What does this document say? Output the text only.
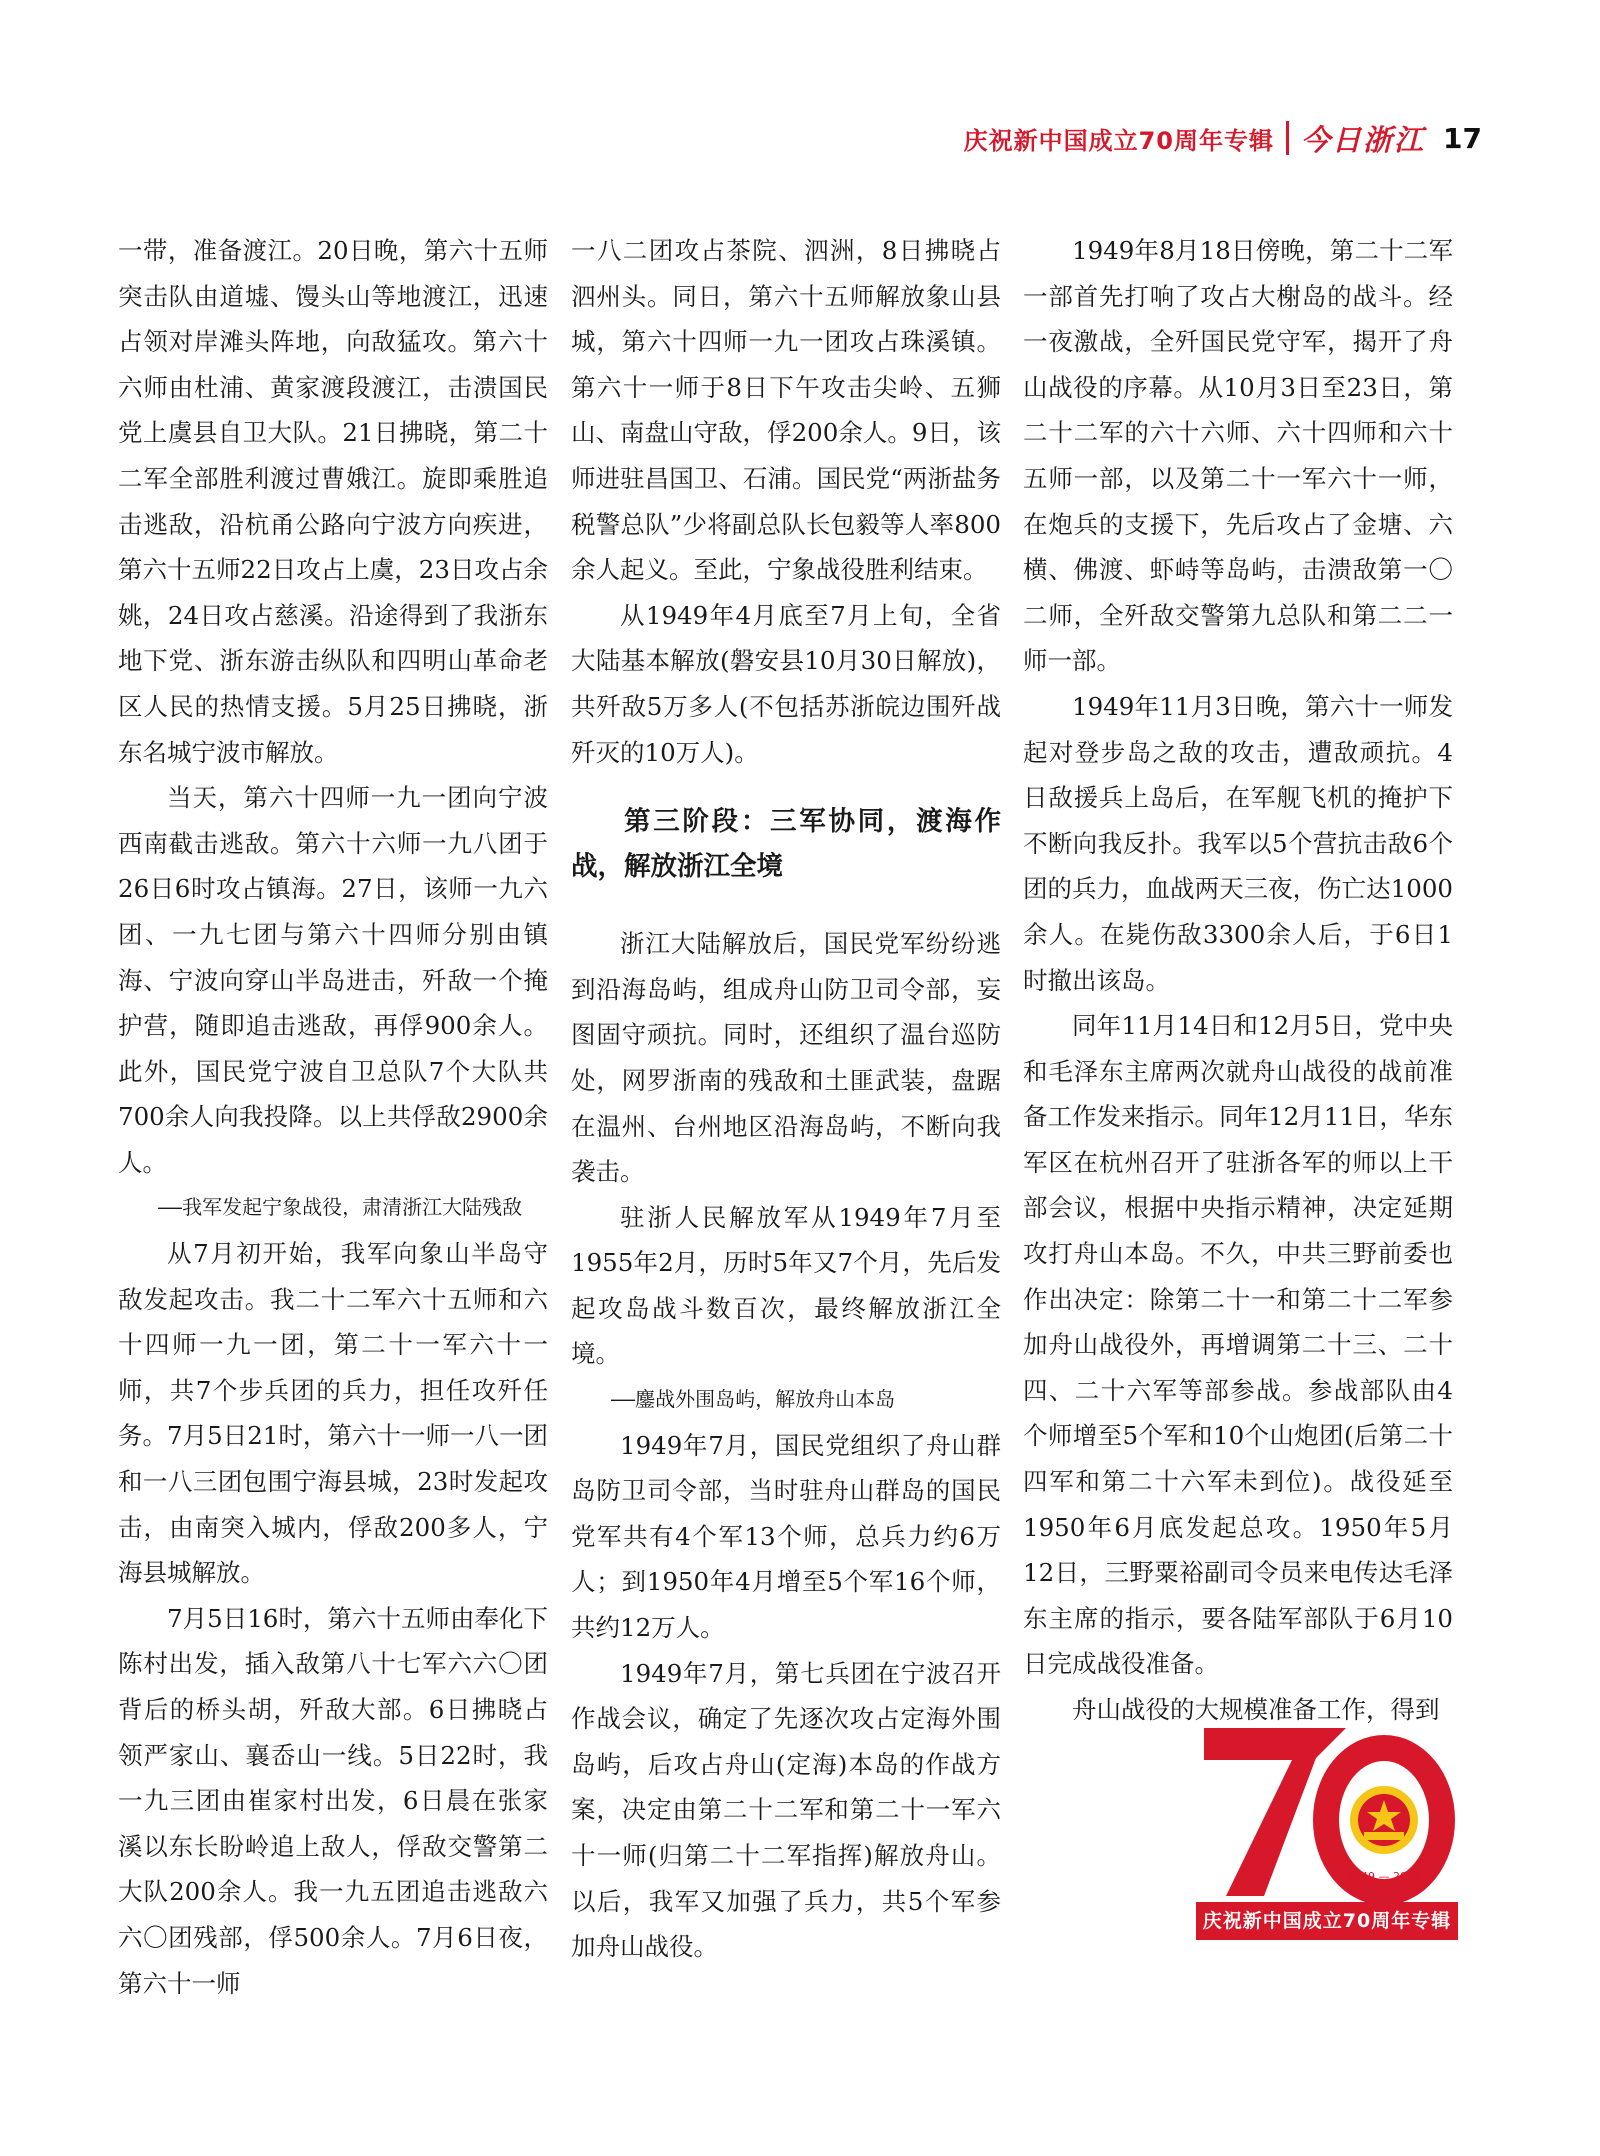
庆祝新中国成立70周年专辑 今日浙江 17

一带，准备渡江。20日晚，第六十五师突击队由道墟、馒头山等地渡江，迅速占领对岸滩头阵地，向敌猛攻。第六十六师由杜浦、黄家渡段渡江，击溃国民党上虞县自卫大队。21日拂晓，第二十二军全部胜利渡过曹娥江。旋即乘胜追击逃敌，沿杭甬公路向宁波方向疾进，第六十五师22日攻占上虞，23日攻占余姚，24日攻占慈溪。沿途得到了我浙东地下党、浙东游击纵队和四明山革命老区人民的热情支援。5月25日拂晓，浙东名城宁波市解放。

当天，第六十四师一九一团向宁波西南截击逃敌。第六十六师一九八团于26日6时攻占镇海。27日，该师一九六团、一九七团与第六十四师分别由镇海、宁波向穿山半岛进击，歼敌一个掩护营，随即追击逃敌，再俘900余人。此外，国民党宁波自卫总队7个大队共700余人向我投降。以上共俘敌2900余人。

——我军发起宁象战役，肃清浙江大陆残敌

从7月初开始，我军向象山半岛守敌发起攻击。我二十二军六十五师和六十四师一九一团，第二十一军六十一师，共7个步兵团的兵力，担任攻歼任务。7月5日21时，第六十一师一八一团和一八三团包围宁海县城，23时发起攻击，由南突入城内，俘敌200多人，宁海县城解放。

7月5日16时，第六十五师由奉化下陈村出发，插入敌第八十七军六六〇团背后的桥头胡，歼敌大部。6日拂晓占领严家山、襄岙山一线。5日22时，我一九三团由崔家村出发，6日晨在张家溪以东长盼岭追上敌人，俘敌交警第二大队200余人。我一九五团追击逃敌六六〇团残部，俘500余人。7月6日夜，第六十一师

一八二团攻占茶院、泗洲，8日拂晓占泗州头。同日，第六十五师解放象山县城，第六十四师一九一团攻占珠溪镇。第六十一师于8日下午攻击尖岭、五狮山、南盘山守敌，俘200余人。9日，该师进驻昌国卫、石浦。国民党“两浙盐务税警总队”少将副总队长包毅等人率800余人起义。至此，宁象战役胜利结束。

从1949年4月底至7月上旬，全省大陆基本解放(磐安县10月30日解放)，共歼敌5万多人(不包括苏浙皖边围歼战歼灭的10万人)。

第三阶段：三军协同，渡海作战，解放浙江全境

浙江大陆解放后，国民党军纷纷逃到沿海岛屿，组成舟山防卫司令部，妄图固守顽抗。同时，还组织了温台巡防处，网罗浙南的残敌和土匪武装，盘踞在温州、台州地区沿海岛屿，不断向我袭击。

驻浙人民解放军从1949年7月至1955年2月，历时5年又7个月，先后发起攻岛战斗数百次，最终解放浙江全境。

——鏖战外围岛屿，解放舟山本岛

1949年7月，国民党组织了舟山群岛防卫司令部，当时驻舟山群岛的国民党军共有4个军13个师，总兵力约6万人；到1950年4月增至5个军16个师，共约12万人。

1949年7月，第七兵团在宁波召开作战会议，确定了先逐次攻占定海外围岛屿，后攻占舟山(定海)本岛的作战方案，决定由第二十二军和第二十一军六十一师(归第二十二军指挥)解放舟山。以后，我军又加强了兵力，共5个军参加舟山战役。

1949年8月18日傍晚，第二十二军一部首先打响了攻占大榭岛的战斗。经一夜激战，全歼国民党守军，揭开了舟山战役的序幕。从10月3日至23日，第二十二军的六十六师、六十四师和六十五师一部，以及第二十一军六十一师，在炮兵的支援下，先后攻占了金塘、六横、佛渡、虾峙等岛屿，击溃敌第一〇二师，全歼敌交警第九总队和第二二一师一部。

1949年11月3日晚，第六十一师发起对登步岛之敌的攻击，遭敌顽抗。4日敌援兵上岛后，在军舰飞机的掩护下不断向我反扑。我军以5个营抗击敌6个团的兵力，血战两天三夜，伤亡达1000余人。在毙伤敌3300余人后，于6日1时撤出该岛。

同年11月14日和12月5日，党中央和毛泽东主席两次就舟山战役的战前准备工作发来指示。同年12月11日，华东军区在杭州召开了驻浙各军的师以上干部会议，根据中央指示精神，决定延期攻打舟山本岛。不久，中共三野前委也作出决定：除第二十一和第二十二军参加舟山战役外，再增调第二十三、二十四、二十六军等部参战。参战部队由4个师增至5个军和10个山炮团(后第二十四军和第二十六军未到位)。战役延至1950年6月底发起总攻。1950年5月12日，三野粟裕副司令员来电传达毛泽东主席的指示，要各陆军部队于6月10日完成战役准备。

舟山战役的大规模准备工作，得到

1949 — 2019
庆祝新中国成立70周年专辑
